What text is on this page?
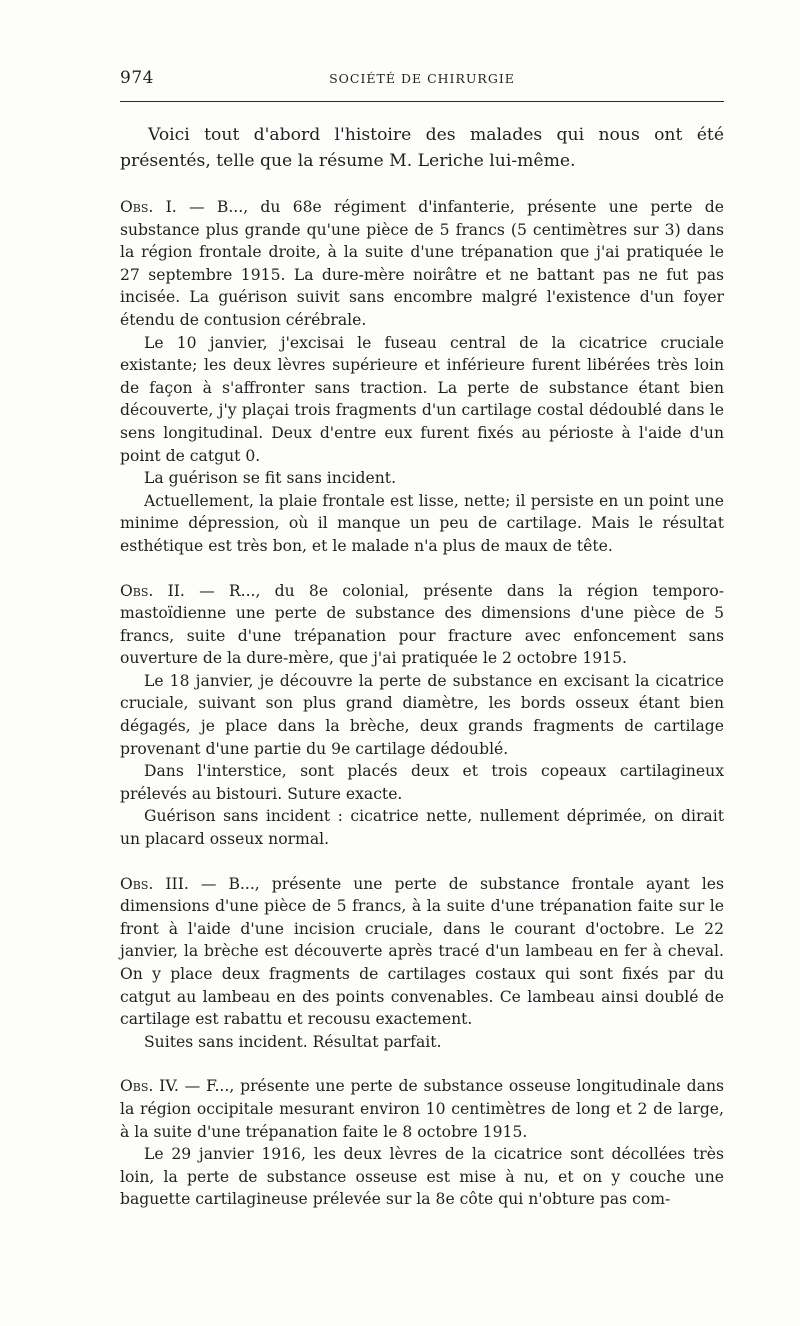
974	SOCIÉTÉ DE CHIRURGIE

Voici tout d'abord l'histoire des malades qui nous ont été présentés, telle que la résume M. Leriche lui-même.

Obs. I. — B..., du 68e régiment d'infanterie, présente une perte de substance plus grande qu'une pièce de 5 francs (5 centimètres sur 3) dans la région frontale droite, à la suite d'une trépanation que j'ai pratiquée le 27 septembre 1915. La dure-mère noirâtre et ne battant pas ne fut pas incisée. La guérison suivit sans encombre malgré l'existence d'un foyer étendu de contusion cérébrale.

Le 10 janvier, j'excisai le fuseau central de la cicatrice cruciale existante; les deux lèvres supérieure et inférieure furent libérées très loin de façon à s'affronter sans traction. La perte de substance étant bien découverte, j'y plaçai trois fragments d'un cartilage costal dédoublé dans le sens longitudinal. Deux d'entre eux furent fixés au périoste à l'aide d'un point de catgut 0.

La guérison se fit sans incident.

Actuellement, la plaie frontale est lisse, nette; il persiste en un point une minime dépression, où il manque un peu de cartilage. Mais le résultat esthétique est très bon, et le malade n'a plus de maux de tête.

Obs. II. — R..., du 8e colonial, présente dans la région temporo-mastoïdienne une perte de substance des dimensions d'une pièce de 5 francs, suite d'une trépanation pour fracture avec enfoncement sans ouverture de la dure-mère, que j'ai pratiquée le 2 octobre 1915.

Le 18 janvier, je découvre la perte de substance en excisant la cicatrice cruciale, suivant son plus grand diamètre, les bords osseux étant bien dégagés, je place dans la brèche, deux grands fragments de cartilage provenant d'une partie du 9e cartilage dédoublé.

Dans l'interstice, sont placés deux et trois copeaux cartilagineux prélevés au bistouri. Suture exacte.

Guérison sans incident : cicatrice nette, nullement déprimée, on dirait un placard osseux normal.

Obs. III. — B..., présente une perte de substance frontale ayant les dimensions d'une pièce de 5 francs, à la suite d'une trépanation faite sur le front à l'aide d'une incision cruciale, dans le courant d'octobre. Le 22 janvier, la brèche est découverte après tracé d'un lambeau en fer à cheval. On y place deux fragments de cartilages costaux qui sont fixés par du catgut au lambeau en des points convenables. Ce lambeau ainsi doublé de cartilage est rabattu et recousu exactement.

Suites sans incident. Résultat parfait.

Obs. IV. — F..., présente une perte de substance osseuse longitudinale dans la région occipitale mesurant environ 10 centimètres de long et 2 de large, à la suite d'une trépanation faite le 8 octobre 1915.

Le 29 janvier 1916, les deux lèvres de la cicatrice sont décollées très loin, la perte de substance osseuse est mise à nu, et on y couche une baguette cartilagineuse prélevée sur la 8e côte qui n'obture pas com-
